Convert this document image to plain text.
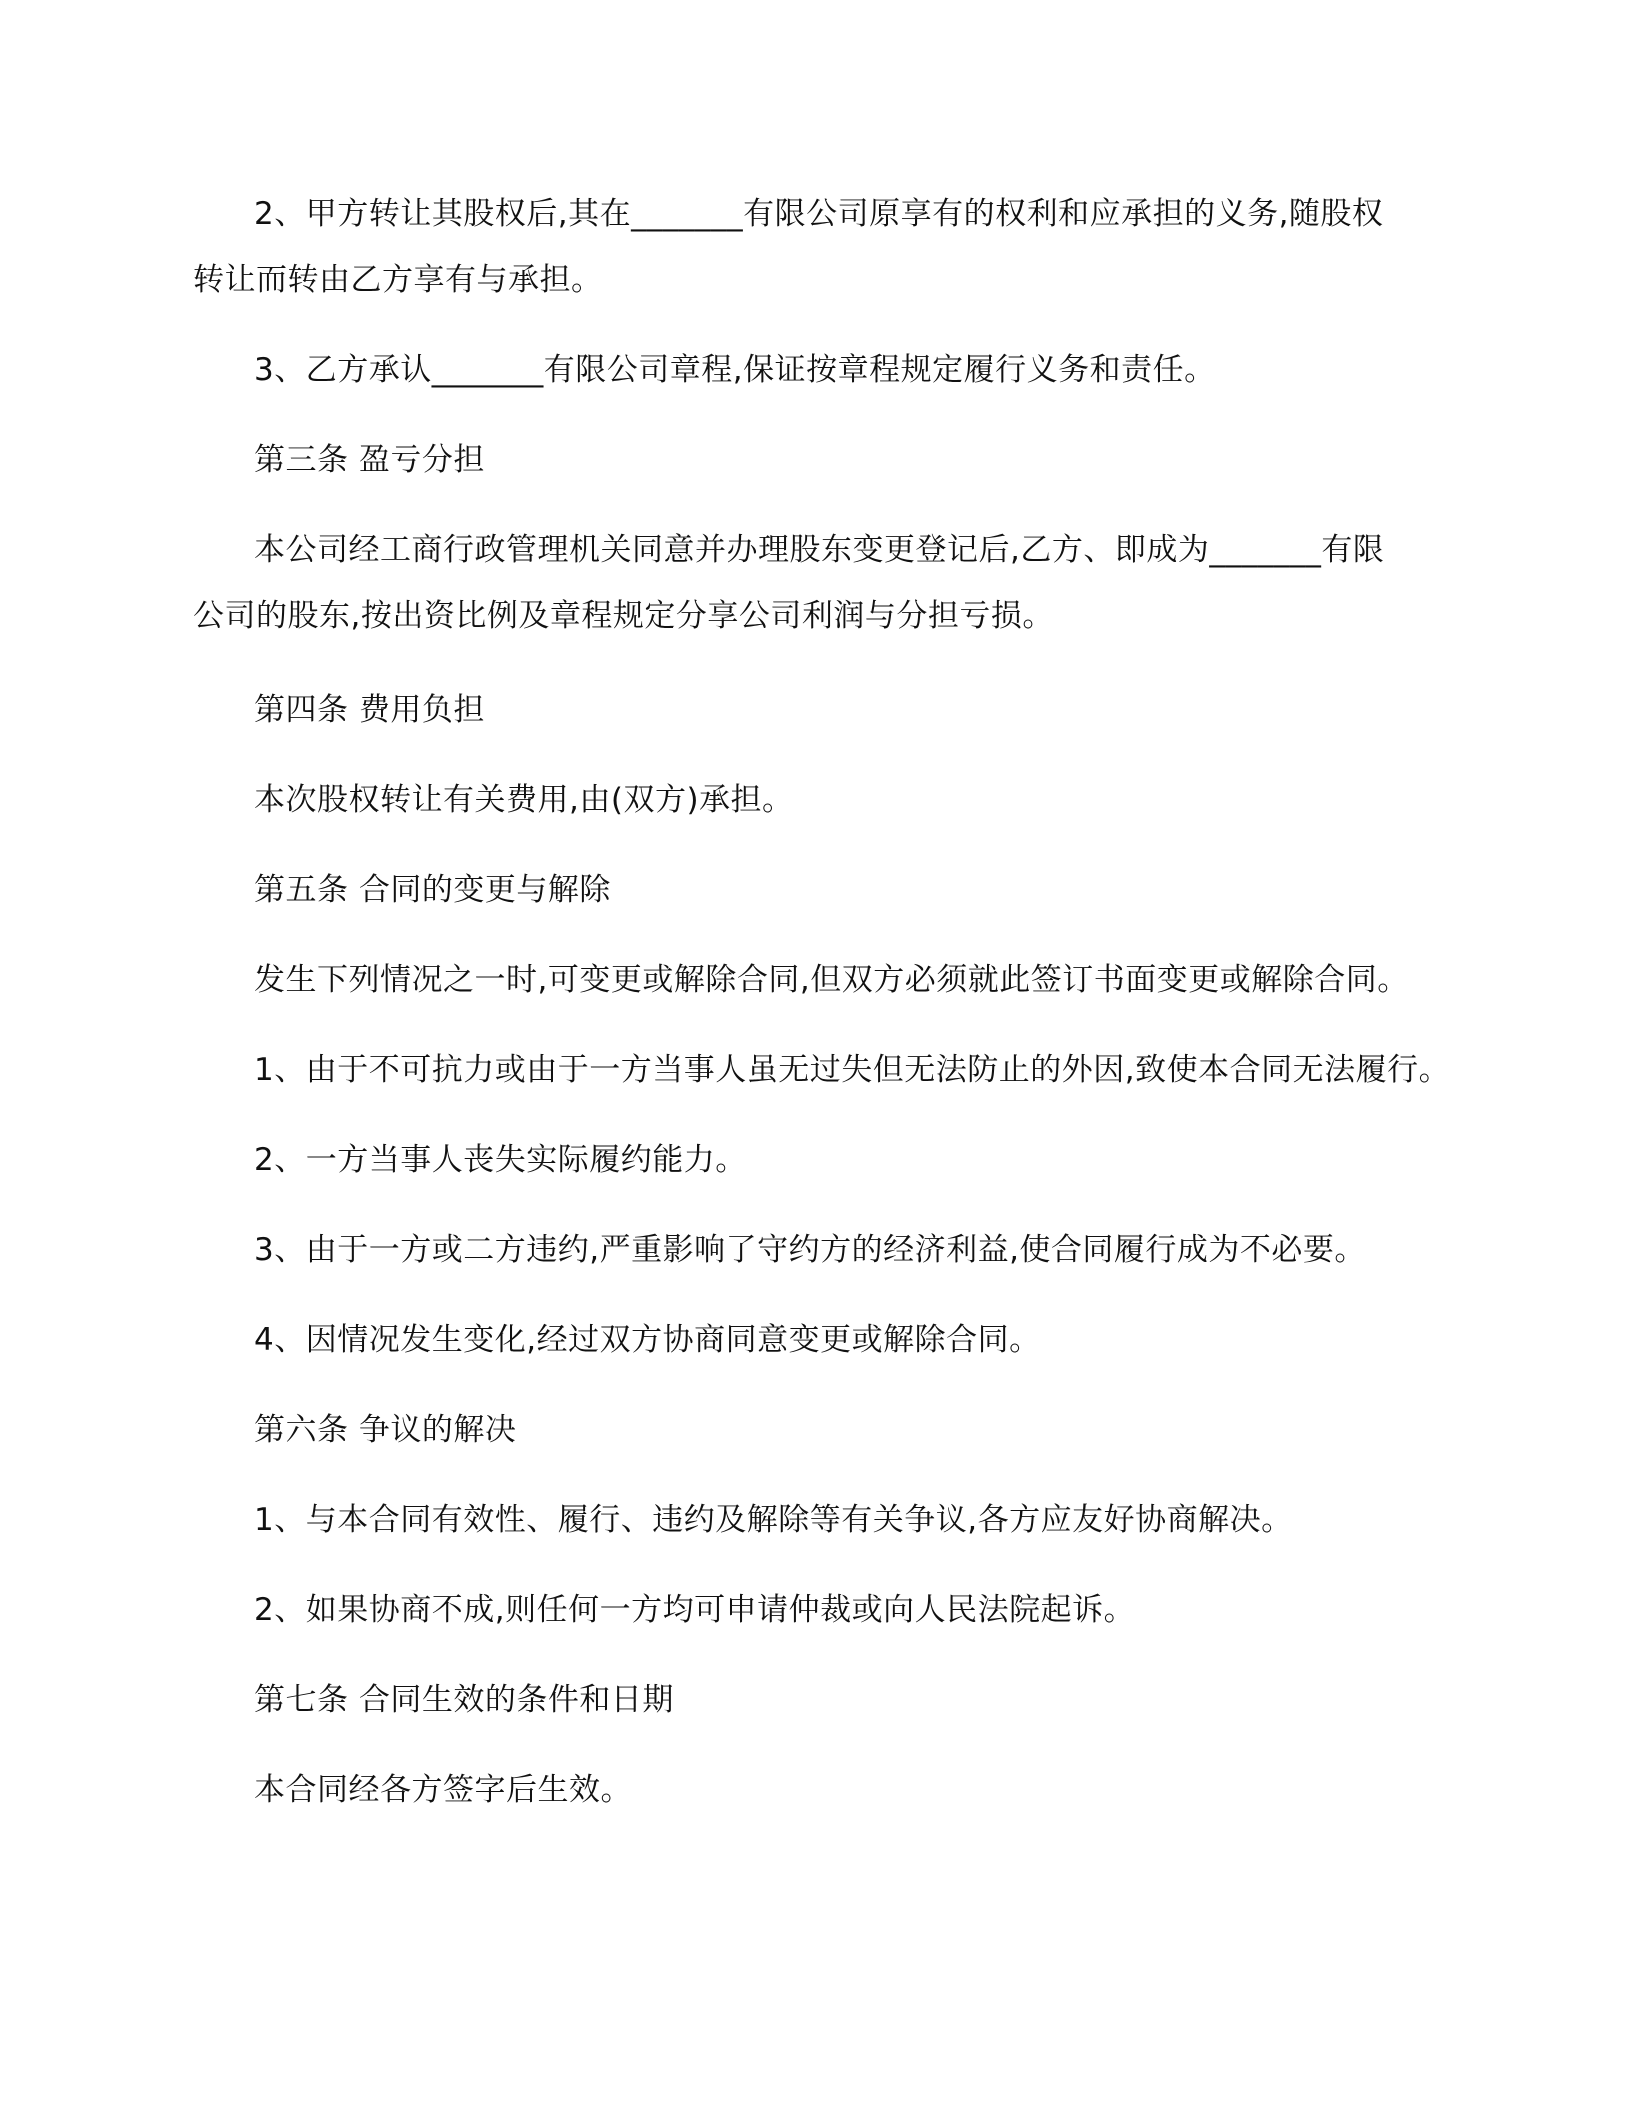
2、甲方转让其股权后,其在_______有限公司原享有的权利和应承担的义务,随股权
转让而转由乙方享有与承担。
3、乙方承认_______有限公司章程,保证按章程规定履行义务和责任。
第三条 盈亏分担
本公司经工商行政管理机关同意并办理股东变更登记后,乙方、即成为_______有限
公司的股东,按出资比例及章程规定分享公司利润与分担亏损。
第四条 费用负担
本次股权转让有关费用,由(双方)承担。
第五条 合同的变更与解除
发生下列情况之一时,可变更或解除合同,但双方必须就此签订书面变更或解除合同。
1、由于不可抗力或由于一方当事人虽无过失但无法防止的外因,致使本合同无法履行。
2、一方当事人丧失实际履约能力。
3、由于一方或二方违约,严重影响了守约方的经济利益,使合同履行成为不必要。
4、因情况发生变化,经过双方协商同意变更或解除合同。
第六条 争议的解决
1、与本合同有效性、履行、违约及解除等有关争议,各方应友好协商解决。
2、如果协商不成,则任何一方均可申请仲裁或向人民法院起诉。
第七条 合同生效的条件和日期
本合同经各方签字后生效。
